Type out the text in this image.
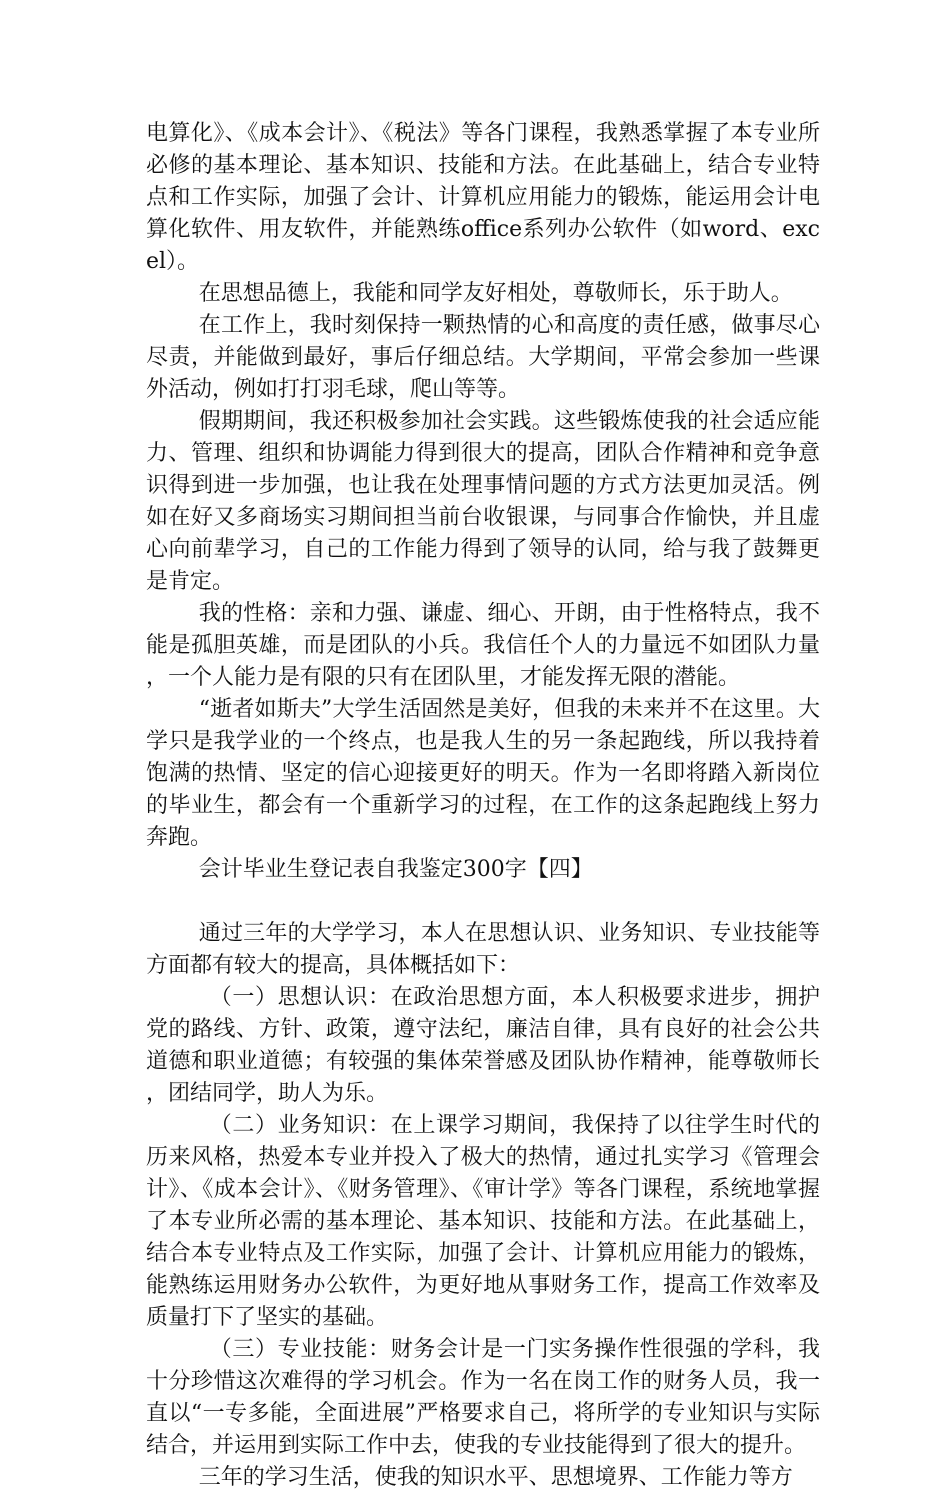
电算化》、《成本会计》、《税法》等各门课程，我熟悉掌握了本专业所必修的基本理论、基本知识、技能和方法。在此基础上，结合专业特点和工作实际，加强了会计、计算机应用能力的锻炼，能运用会计电算化软件、用友软件，并能熟练office系列办公软件（如word、excel）。

在思想品德上，我能和同学友好相处，尊敬师长，乐于助人。

在工作上，我时刻保持一颗热情的心和高度的责任感，做事尽心尽责，并能做到最好，事后仔细总结。大学期间，平常会参加一些课外活动，例如打打羽毛球，爬山等等。

假期期间，我还积极参加社会实践。这些锻炼使我的社会适应能力、管理、组织和协调能力得到很大的提高，团队合作精神和竞争意识得到进一步加强，也让我在处理事情问题的方式方法更加灵活。例如在好又多商场实习期间担当前台收银课，与同事合作愉快，并且虚心向前辈学习，自己的工作能力得到了领导的认同，给与我了鼓舞更是肯定。

我的性格：亲和力强、谦虚、细心、开朗，由于性格特点，我不能是孤胆英雄，而是团队的小兵。我信任个人的力量远不如团队力量，一个人能力是有限的只有在团队里，才能发挥无限的潜能。

“逝者如斯夫”大学生活固然是美好，但我的未来并不在这里。大学只是我学业的一个终点，也是我人生的另一条起跑线，所以我持着饱满的热情、坚定的信心迎接更好的明天。作为一名即将踏入新岗位的毕业生，都会有一个重新学习的过程，在工作的这条起跑线上努力奔跑。

会计毕业生登记表自我鉴定300字【四】

通过三年的大学学习，本人在思想认识、业务知识、专业技能等方面都有较大的提高，具体概括如下：

（一）思想认识：在政治思想方面，本人积极要求进步，拥护党的路线、方针、政策，遵守法纪，廉洁自律，具有良好的社会公共道德和职业道德；有较强的集体荣誉感及团队协作精神，能尊敬师长，团结同学，助人为乐。

（二）业务知识：在上课学习期间，我保持了以往学生时代的历来风格，热爱本专业并投入了极大的热情，通过扎实学习《管理会计》、《成本会计》、《财务管理》、《审计学》等各门课程，系统地掌握了本专业所必需的基本理论、基本知识、技能和方法。在此基础上，结合本专业特点及工作实际，加强了会计、计算机应用能力的锻炼，能熟练运用财务办公软件，为更好地从事财务工作，提高工作效率及质量打下了坚实的基础。

（三）专业技能：财务会计是一门实务操作性很强的学科，我十分珍惜这次难得的学习机会。作为一名在岗工作的财务人员，我一直以“一专多能，全面进展”严格要求自己，将所学的专业知识与实际结合，并运用到实际工作中去，使我的专业技能得到了很大的提升。

三年的学习生活，使我的知识水平、思想境界、工作能力等方
